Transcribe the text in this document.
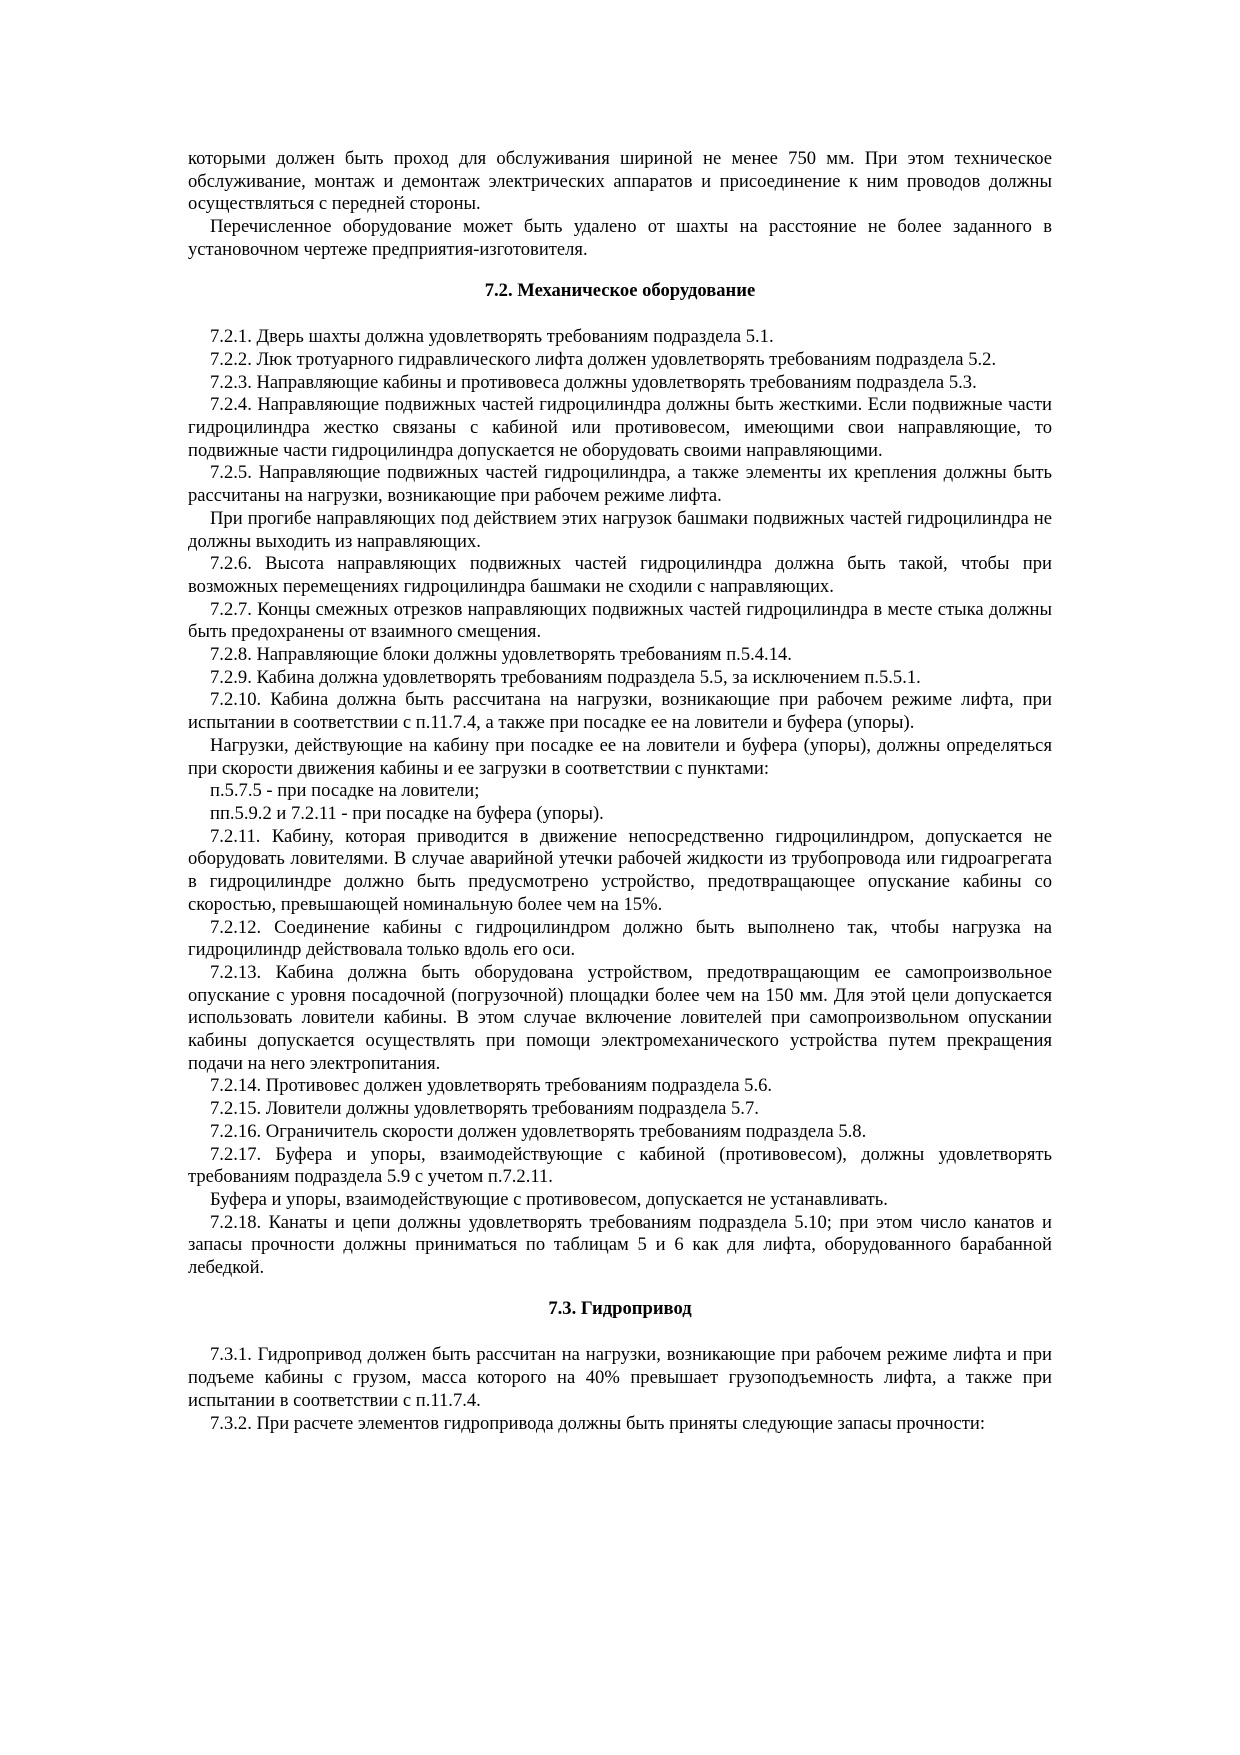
которыми должен быть проход для обслуживания шириной не менее 750 мм. При этом техническое обслуживание, монтаж и демонтаж электрических аппаратов и присоединение к ним проводов должны осуществляться с передней стороны.

Перечисленное оборудование может быть удалено от шахты на расстояние не более заданного в установочном чертеже предприятия-изготовителя.

7.2. Механическое оборудование

7.2.1. Дверь шахты должна удовлетворять требованиям подраздела 5.1.

7.2.2. Люк тротуарного гидравлического лифта должен удовлетворять требованиям подраздела 5.2.

7.2.3. Направляющие кабины и противовеса должны удовлетворять требованиям подраздела 5.3.

7.2.4. Направляющие подвижных частей гидроцилиндра должны быть жесткими. Если подвижные части гидроцилиндра жестко связаны с кабиной или противовесом, имеющими свои направляющие, то подвижные части гидроцилиндра допускается не оборудовать своими направляющими.

7.2.5. Направляющие подвижных частей гидроцилиндра, а также элементы их крепления должны быть рассчитаны на нагрузки, возникающие при рабочем режиме лифта.

При прогибе направляющих под действием этих нагрузок башмаки подвижных частей гидроцилиндра не должны выходить из направляющих.

7.2.6. Высота направляющих подвижных частей гидроцилиндра должна быть такой, чтобы при возможных перемещениях гидроцилиндра башмаки не сходили с направляющих.

7.2.7. Концы смежных отрезков направляющих подвижных частей гидроцилиндра в месте стыка должны быть предохранены от взаимного смещения.

7.2.8. Направляющие блоки должны удовлетворять требованиям п.5.4.14.

7.2.9. Кабина должна удовлетворять требованиям подраздела 5.5, за исключением п.5.5.1.

7.2.10. Кабина должна быть рассчитана на нагрузки, возникающие при рабочем режиме лифта, при испытании в соответствии с п.11.7.4, а также при посадке ее на ловители и буфера (упоры).

Нагрузки, действующие на кабину при посадке ее на ловители и буфера (упоры), должны определяться при скорости движения кабины и ее загрузки в соответствии с пунктами:

п.5.7.5 - при посадке на ловители;

пп.5.9.2 и 7.2.11 - при посадке на буфера (упоры).

7.2.11. Кабину, которая приводится в движение непосредственно гидроцилиндром, допускается не оборудовать ловителями. В случае аварийной утечки рабочей жидкости из трубопровода или гидроагрегата в гидроцилиндре должно быть предусмотрено устройство, предотвращающее опускание кабины со скоростью, превышающей номинальную более чем на 15%.

7.2.12. Соединение кабины с гидроцилиндром должно быть выполнено так, чтобы нагрузка на гидроцилиндр действовала только вдоль его оси.

7.2.13. Кабина должна быть оборудована устройством, предотвращающим ее самопроизвольное опускание с уровня посадочной (погрузочной) площадки более чем на 150 мм. Для этой цели допускается использовать ловители кабины. В этом случае включение ловителей при самопроизвольном опускании кабины допускается осуществлять при помощи электромеханического устройства путем прекращения подачи на него электропитания.

7.2.14. Противовес должен удовлетворять требованиям подраздела 5.6.

7.2.15. Ловители должны удовлетворять требованиям подраздела 5.7.

7.2.16. Ограничитель скорости должен удовлетворять требованиям подраздела 5.8.

7.2.17. Буфера и упоры, взаимодействующие с кабиной (противовесом), должны удовлетворять требованиям подраздела 5.9 с учетом п.7.2.11.

Буфера и упоры, взаимодействующие с противовесом, допускается не устанавливать.

7.2.18. Канаты и цепи должны удовлетворять требованиям подраздела 5.10; при этом число канатов и запасы прочности должны приниматься по таблицам 5 и 6 как для лифта, оборудованного барабанной лебедкой.

7.3. Гидропривод

7.3.1. Гидропривод должен быть рассчитан на нагрузки, возникающие при рабочем режиме лифта и при подъеме кабины с грузом, масса которого на 40% превышает грузоподъемность лифта, а также при испытании в соответствии с п.11.7.4.

7.3.2. При расчете элементов гидропривода должны быть приняты следующие запасы прочности:
